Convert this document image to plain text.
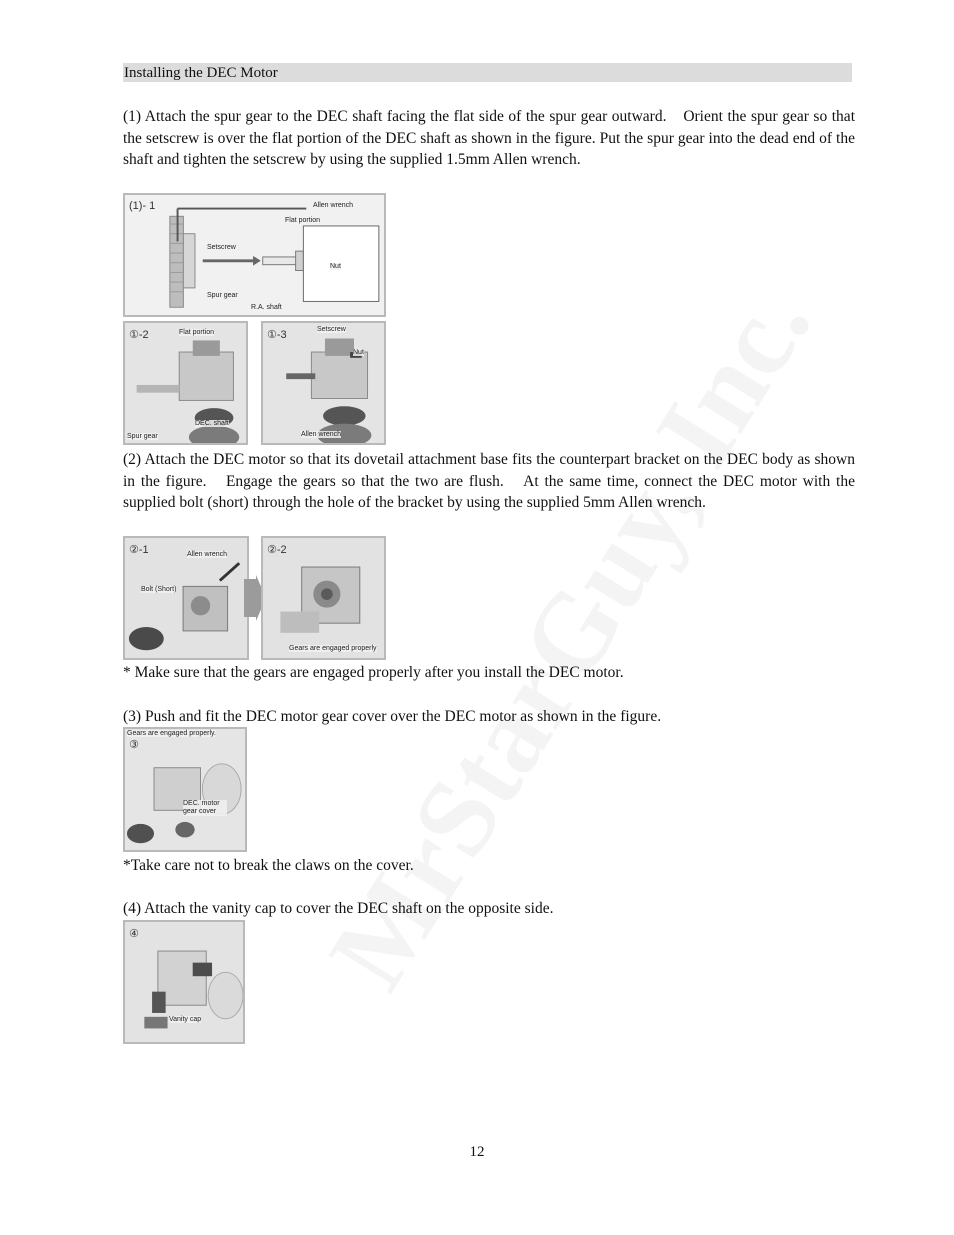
Installing the DEC Motor
(1) Attach the spur gear to the DEC shaft facing the flat side of the spur gear outward.　Orient the spur gear so that the setscrew is over the flat portion of the DEC shaft as shown in the figure. Put the spur gear into the dead end of the shaft and tighten the setscrew by using the supplied 1.5mm Allen wrench.
(1)- 1	Allen wrench
Flat portion
Setscrew
Nut
Spur gear
R.A. shaft
①-2	Flat portion
DEC. shaft
Spur gear
①-3	Setscrew
Nut
Allen wrench
(2) Attach the DEC motor so that its dovetail attachment base fits the counterpart bracket on the DEC body as shown in the figure.　Engage the gears so that the two are flush.　At the same time, connect the DEC motor with the supplied bolt (short) through the hole of the bracket by using the supplied 5mm Allen wrench.
②-1	Allen wrench
Bolt (Short)
②-2
Gears are engaged properly
* Make sure that the gears are engaged properly after you install the DEC motor.
(3) Push and fit the DEC motor gear cover over the DEC motor as shown in the figure.
Gears are engaged properly.
③
DEC. motor gear cover
*Take care not to break the claws on the cover.
(4) Attach the vanity cap to cover the DEC shaft on the opposite side.
④
Vanity cap
12
